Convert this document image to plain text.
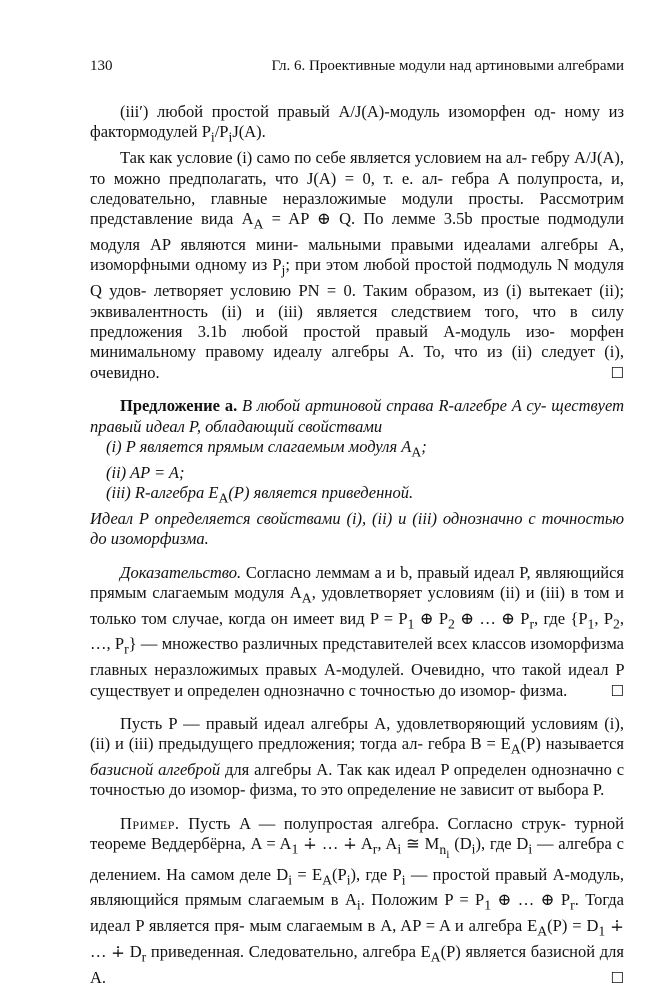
130	Гл. 6. Проективные модули над артиновыми алгебрами

(iii′) любой простой правый A/J(A)-модуль изоморфен од- ному из фактормодулей $P_i/P_iJ(A)$.

Так как условие (i) само по себе является условием на ал- гебру A/J(A), то можно предполагать, что J(A) = 0, т. е. ал- гебра A полупроста, и, следовательно, главные неразложимые модули просты. Рассмотрим представление вида $A_A$ = AP ⊕ Q. По лемме 3.5b простые подмодули модуля AP являются мини- мальными правыми идеалами алгебры A, изоморфными одному из $P_j$; при этом любой простой подмодуль N модуля Q удов- летворяет условию PN = 0. Таким образом, из (i) вытекает (ii); эквивалентность (ii) и (iii) является следствием того, что в силу предложения 3.1b любой простой правый A-модуль изо- морфен минимальному правому идеалу алгебры A. То, что из (ii) следует (i), очевидно.	☐

Предложение а. В любой артиновой справа R-алгебре A су- ществует правый идеал P, обладающий свойствами

(i) P является прямым слагаемым модуля $A_A$;

(ii) AP = A;

(iii) R-алгебра $E_A(P)$ является приведенной.

Идеал P определяется свойствами (i), (ii) и (iii) однозначно с точностью до изоморфизма.

Доказательство. Согласно леммам a и b, правый идеал P, являющийся прямым слагаемым модуля $A_A$, удовлетворяет условиям (ii) и (iii) в том и только том случае, когда он имеет вид $P = P_1$ ⊕ $P_2$ ⊕ … ⊕ $P_r$, где {$P_1$, $P_2$, …, $P_r$} — множество различных представителей всех классов изоморфизма главных неразложимых правых A-модулей. Очевидно, что такой идеал P существует и определен однозначно с точностью до изомор- физма.	☐

Пусть P — правый идеал алгебры A, удовлетворяющий условиям (i), (ii) и (iii) предыдущего предложения; тогда ал- гебра $B = E_A(P)$ называется базисной алгеброй для алгебры A. Так как идеал P определен однозначно с точностью до изомор- физма, то это определение не зависит от выбора P.

Пример. Пусть A — полупростая алгебра. Согласно струк- турной теореме Веддербёрна, $A = A_1$ ∔ … ∔ $A_r$, $A_i$ ≅ $M_{n_i}$ $(D_i)$, где $D_i$ — алгебра с делением. На самом деле $D_i = E_A(P_i)$, где $P_i$ — простой правый A-модуль, являющийся прямым слагаемым в $A_i$. Положим $P = P_1$ ⊕ … ⊕ $P_r$. Тогда идеал P является пря- мым слагаемым в A, AP = A и алгебра $E_A(P) = D_1$ ∔ … ∔ $D_r$ приведенная. Следовательно, алгебра $E_A(P)$ является базисной для A.	☐
